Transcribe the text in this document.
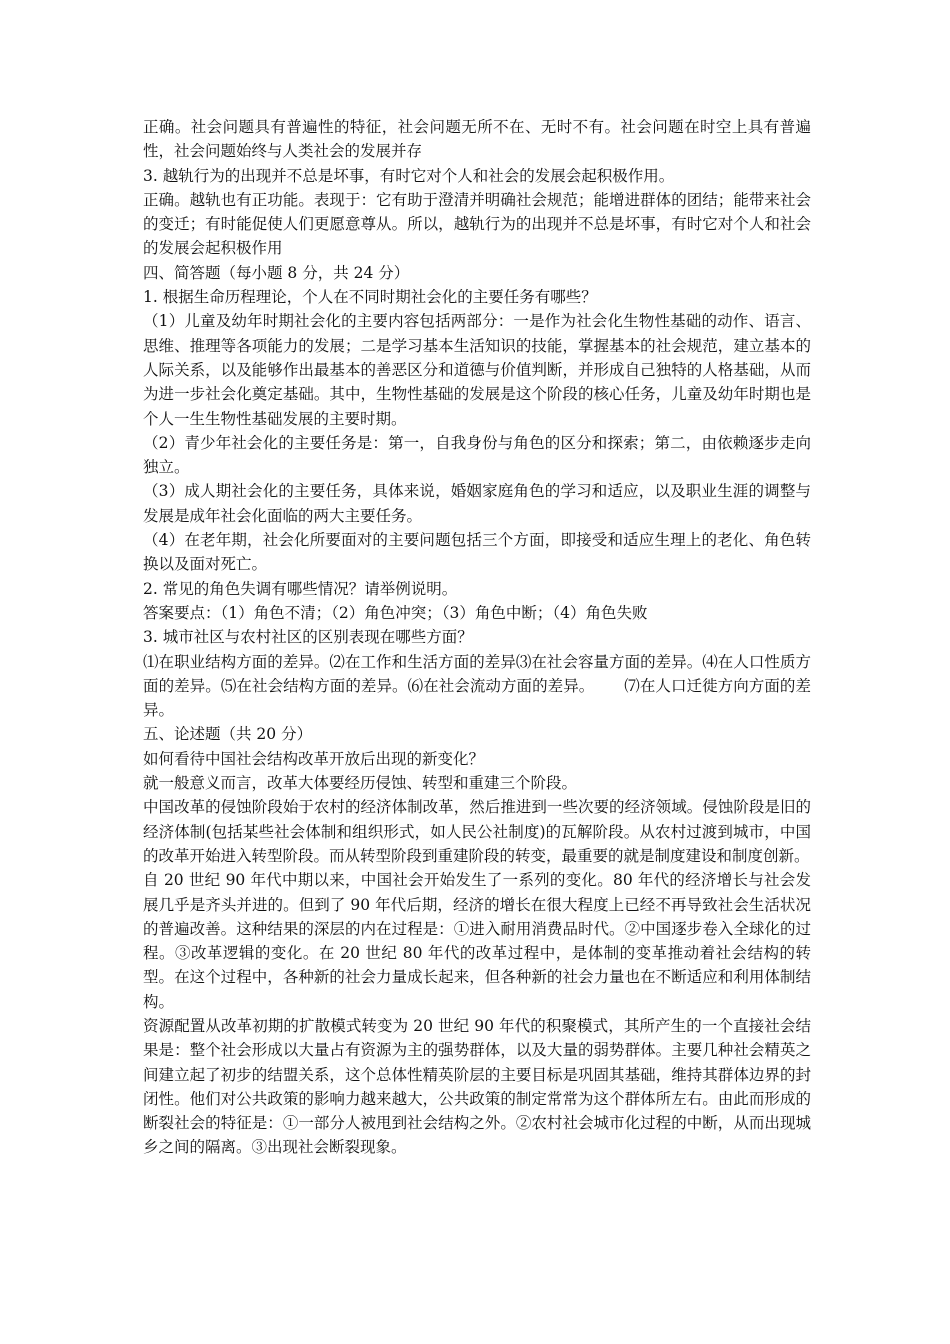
正确。社会问题具有普遍性的特征，社会问题无所不在、无时不有。社会问题在时空上具有普遍性，社会问题始终与人类社会的发展并存

3. 越轨行为的出现并不总是坏事，有时它对个人和社会的发展会起积极作用。

正确。越轨也有正功能。表现于：它有助于澄清并明确社会规范；能增进群体的团结；能带来社会的变迁；有时能促使人们更愿意尊从。所以，越轨行为的出现并不总是坏事，有时它对个人和社会的发展会起积极作用

四、简答题（每小题 8 分，共 24 分）

1. 根据生命历程理论，个人在不同时期社会化的主要任务有哪些？

（1）儿童及幼年时期社会化的主要内容包括两部分：一是作为社会化生物性基础的动作、语言、思维、推理等各项能力的发展；二是学习基本生活知识的技能，掌握基本的社会规范，建立基本的人际关系，以及能够作出最基本的善恶区分和道德与价值判断，并形成自己独特的人格基础，从而为进一步社会化奠定基础。其中，生物性基础的发展是这个阶段的核心任务，儿童及幼年时期也是个人一生生物性基础发展的主要时期。

（2）青少年社会化的主要任务是：第一，自我身份与角色的区分和探索；第二，由依赖逐步走向独立。

（3）成人期社会化的主要任务，具体来说，婚姻家庭角色的学习和适应，以及职业生涯的调整与发展是成年社会化面临的两大主要任务。

（4）在老年期，社会化所要面对的主要问题包括三个方面，即接受和适应生理上的老化、角色转换以及面对死亡。

2. 常见的角色失调有哪些情况？请举例说明。

答案要点：（1）角色不清；（2）角色冲突；（3）角色中断；（4）角色失败

3. 城市社区与农村社区的区别表现在哪些方面？

⑴在职业结构方面的差异。⑵在工作和生活方面的差异⑶在社会容量方面的差异。⑷在人口性质方面的差异。⑸在社会结构方面的差异。⑹在社会流动方面的差异。      ⑺在人口迁徙方向方面的差异。

五、论述题（共 20 分）

如何看待中国社会结构改革开放后出现的新变化？

就一般意义而言，改革大体要经历侵蚀、转型和重建三个阶段。

中国改革的侵蚀阶段始于农村的经济体制改革，然后推进到一些次要的经济领域。侵蚀阶段是旧的经济体制(包括某些社会体制和组织形式，如人民公社制度)的瓦解阶段。从农村过渡到城市，中国的改革开始进入转型阶段。而从转型阶段到重建阶段的转变，最重要的就是制度建设和制度创新。

自 20 世纪 90 年代中期以来，中国社会开始发生了一系列的变化。80 年代的经济增长与社会发展几乎是齐头并进的。但到了 90 年代后期，经济的增长在很大程度上已经不再导致社会生活状况的普遍改善。这种结果的深层的内在过程是：①进入耐用消费品时代。②中国逐步卷入全球化的过程。③改革逻辑的变化。在 20 世纪 80 年代的改革过程中，是体制的变革推动着社会结构的转型。在这个过程中，各种新的社会力量成长起来，但各种新的社会力量也在不断适应和利用体制结构。

资源配置从改革初期的扩散模式转变为 20 世纪 90 年代的积聚模式，其所产生的一个直接社会结果是：整个社会形成以大量占有资源为主的强势群体，以及大量的弱势群体。主要几种社会精英之间建立起了初步的结盟关系，这个总体性精英阶层的主要目标是巩固其基础，维持其群体边界的封闭性。他们对公共政策的影响力越来越大，公共政策的制定常常为这个群体所左右。由此而形成的断裂社会的特征是：①一部分人被甩到社会结构之外。②农村社会城市化过程的中断，从而出现城乡之间的隔离。③出现社会断裂现象。
